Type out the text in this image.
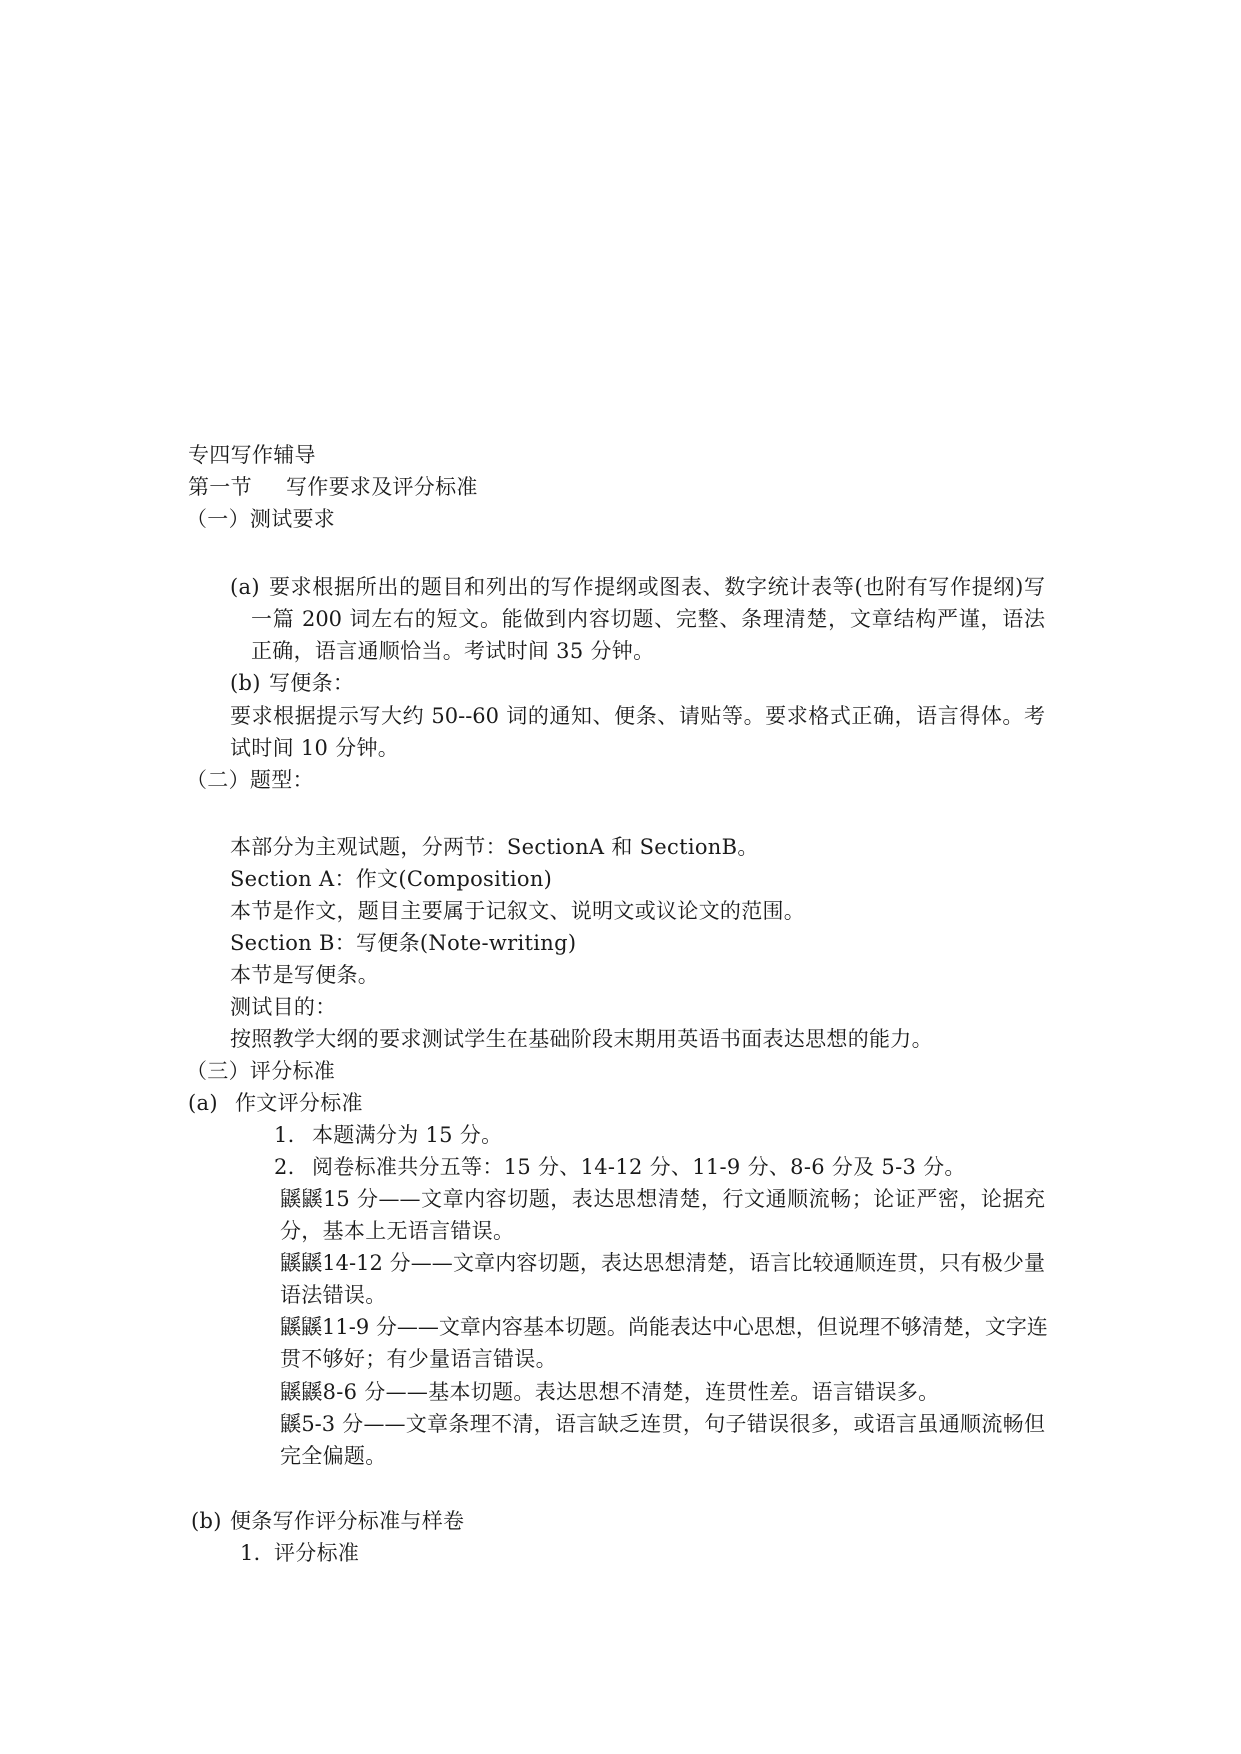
专四写作辅导
第一节 写作要求及评分标准
（一）测试要求
(a) 要求根据所出的题目和列出的写作提纲或图表、数字统计表等(也附有写作提纲)写
一篇 200 词左右的短文。能做到内容切题、完整、条理清楚，文章结构严谨，语法
正确，语言通顺恰当。考试时间 35 分钟。
(b) 写便条：
要求根据提示写大约 50--60 词的通知、便条、请贴等。要求格式正确，语言得体。考
试时间 10 分钟。
（二）题型：
本部分为主观试题，分两节：SectionA 和 SectionB。
Section A：作文(Composition)
本节是作文，题目主要属于记叙文、说明文或议论文的范围。
Section B：写便条(Note-writing)
本节是写便条。
测试目的：
按照教学大纲的要求测试学生在基础阶段末期用英语书面表达思想的能力。
（三）评分标准
(a) 作文评分标准
1. 本题满分为 15 分。
2. 阅卷标准共分五等：15 分、14-12 分、11-9 分、8-6 分及 5-3 分。
鼷鼷15 分——文章内容切题，表达思想清楚，行文通顺流畅；论证严密，论据充
分，基本上无语言错误。
鼷鼷14-12 分——文章内容切题，表达思想清楚，语言比较通顺连贯，只有极少量
语法错误。
鼷鼷11-9 分——文章内容基本切题。尚能表达中心思想，但说理不够清楚，文字连
贯不够好；有少量语言错误。
鼷鼷8-6 分——基本切题。表达思想不清楚，连贯性差。语言错误多。
鼷5-3 分——文章条理不清，语言缺乏连贯，句子错误很多，或语言虽通顺流畅但
完全偏题。
(b) 便条写作评分标准与样卷
1． 评分标准
